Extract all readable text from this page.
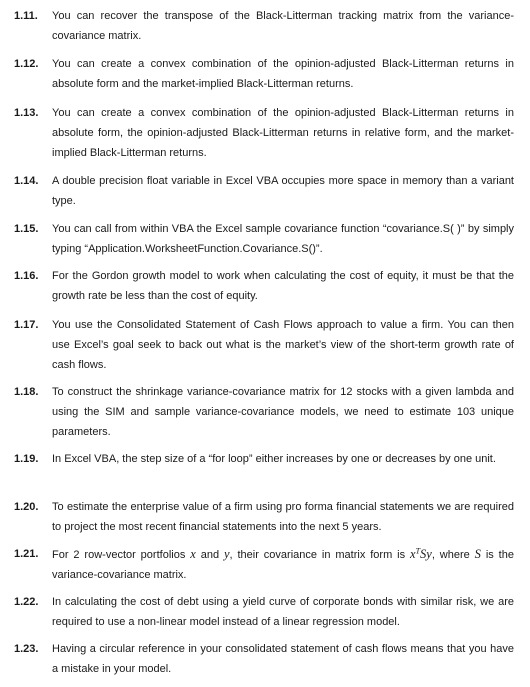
1.11.	You can recover the transpose of the Black-Litterman tracking matrix from the variance-covariance matrix.
1.12.	You can create a convex combination of the opinion-adjusted Black-Litterman returns in absolute form and the market-implied Black-Litterman returns.
1.13.	You can create a convex combination of the opinion-adjusted Black-Litterman returns in absolute form, the opinion-adjusted Black-Litterman returns in relative form, and the market-implied Black-Litterman returns.
1.14.	A double precision float variable in Excel VBA occupies more space in memory than a variant type.
1.15.	You can call from within VBA the Excel sample covariance function “covariance.S( )” by simply typing “Application.WorksheetFunction.Covariance.S()”.
1.16.	For the Gordon growth model to work when calculating the cost of equity, it must be that the growth rate be less than the cost of equity.
1.17.	You use the Consolidated Statement of Cash Flows approach to value a firm. You can then use Excel’s goal seek to back out what is the market’s view of the short-term growth rate of cash flows.
1.18.	To construct the shrinkage variance-covariance matrix for 12 stocks with a given lambda and using the SIM and sample variance-covariance models, we need to estimate 103 unique parameters.
1.19.	In Excel VBA, the step size of a “for loop” either increases by one or decreases by one unit.
1.20.	To estimate the enterprise value of a firm using pro forma financial statements we are required to project the most recent financial statements into the next 5 years.
1.21.	For 2 row-vector portfolios x and y, their covariance in matrix form is $x^TSy$, where S is the variance-covariance matrix.
1.22.	In calculating the cost of debt using a yield curve of corporate bonds with similar risk, we are required to use a non-linear model instead of a linear regression model.
1.23.	Having a circular reference in your consolidated statement of cash flows means that you have a mistake in your model.
